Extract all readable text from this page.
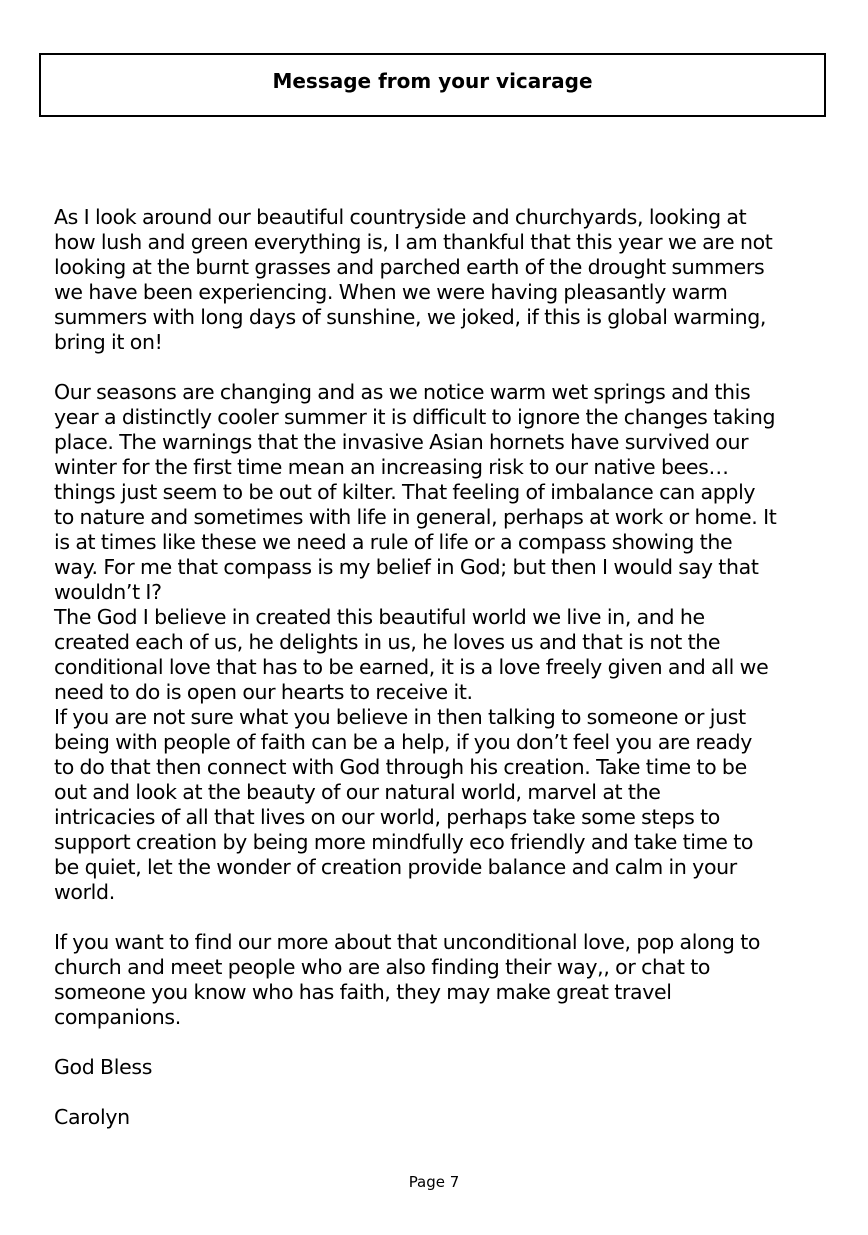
Message from your vicarage

As I look around our beautiful countryside and churchyards, looking at
how lush and green everything is, I am thankful that this year we are not
looking at the burnt grasses and parched earth of the drought summers
we have been experiencing. When we were having pleasantly warm
summers with long days of sunshine, we joked, if this is global warming,
bring it on!

Our seasons are changing and as we notice warm wet springs and this
year a distinctly cooler summer it is difficult to ignore the changes taking
place. The warnings that the invasive Asian hornets have survived our
winter for the first time mean an increasing risk to our native bees…
things just seem to be out of kilter. That feeling of imbalance can apply
to nature and sometimes with life in general, perhaps at work or home. It
is at times like these we need a rule of life or a compass showing the
way. For me that compass is my belief in God; but then I would say that
wouldn’t I?

The God I believe in created this beautiful world we live in, and he
created each of us, he delights in us, he loves us and that is not the
conditional love that has to be earned, it is a love freely given and all we
need to do is open our hearts to receive it.

If you are not sure what you believe in then talking to someone or just
being with people of faith can be a help, if you don’t feel you are ready
to do that then connect with God through his creation. Take time to be
out and look at the beauty of our natural world, marvel at the
intricacies of all that lives on our world, perhaps take some steps to
support creation by being more mindfully eco friendly and take time to
be quiet, let the wonder of creation provide balance and calm in your
world.

If you want to find our more about that unconditional love, pop along to
church and meet people who are also finding their way,, or chat to
someone you know who has faith, they may make great travel
companions.

God Bless

Carolyn

Page 7
